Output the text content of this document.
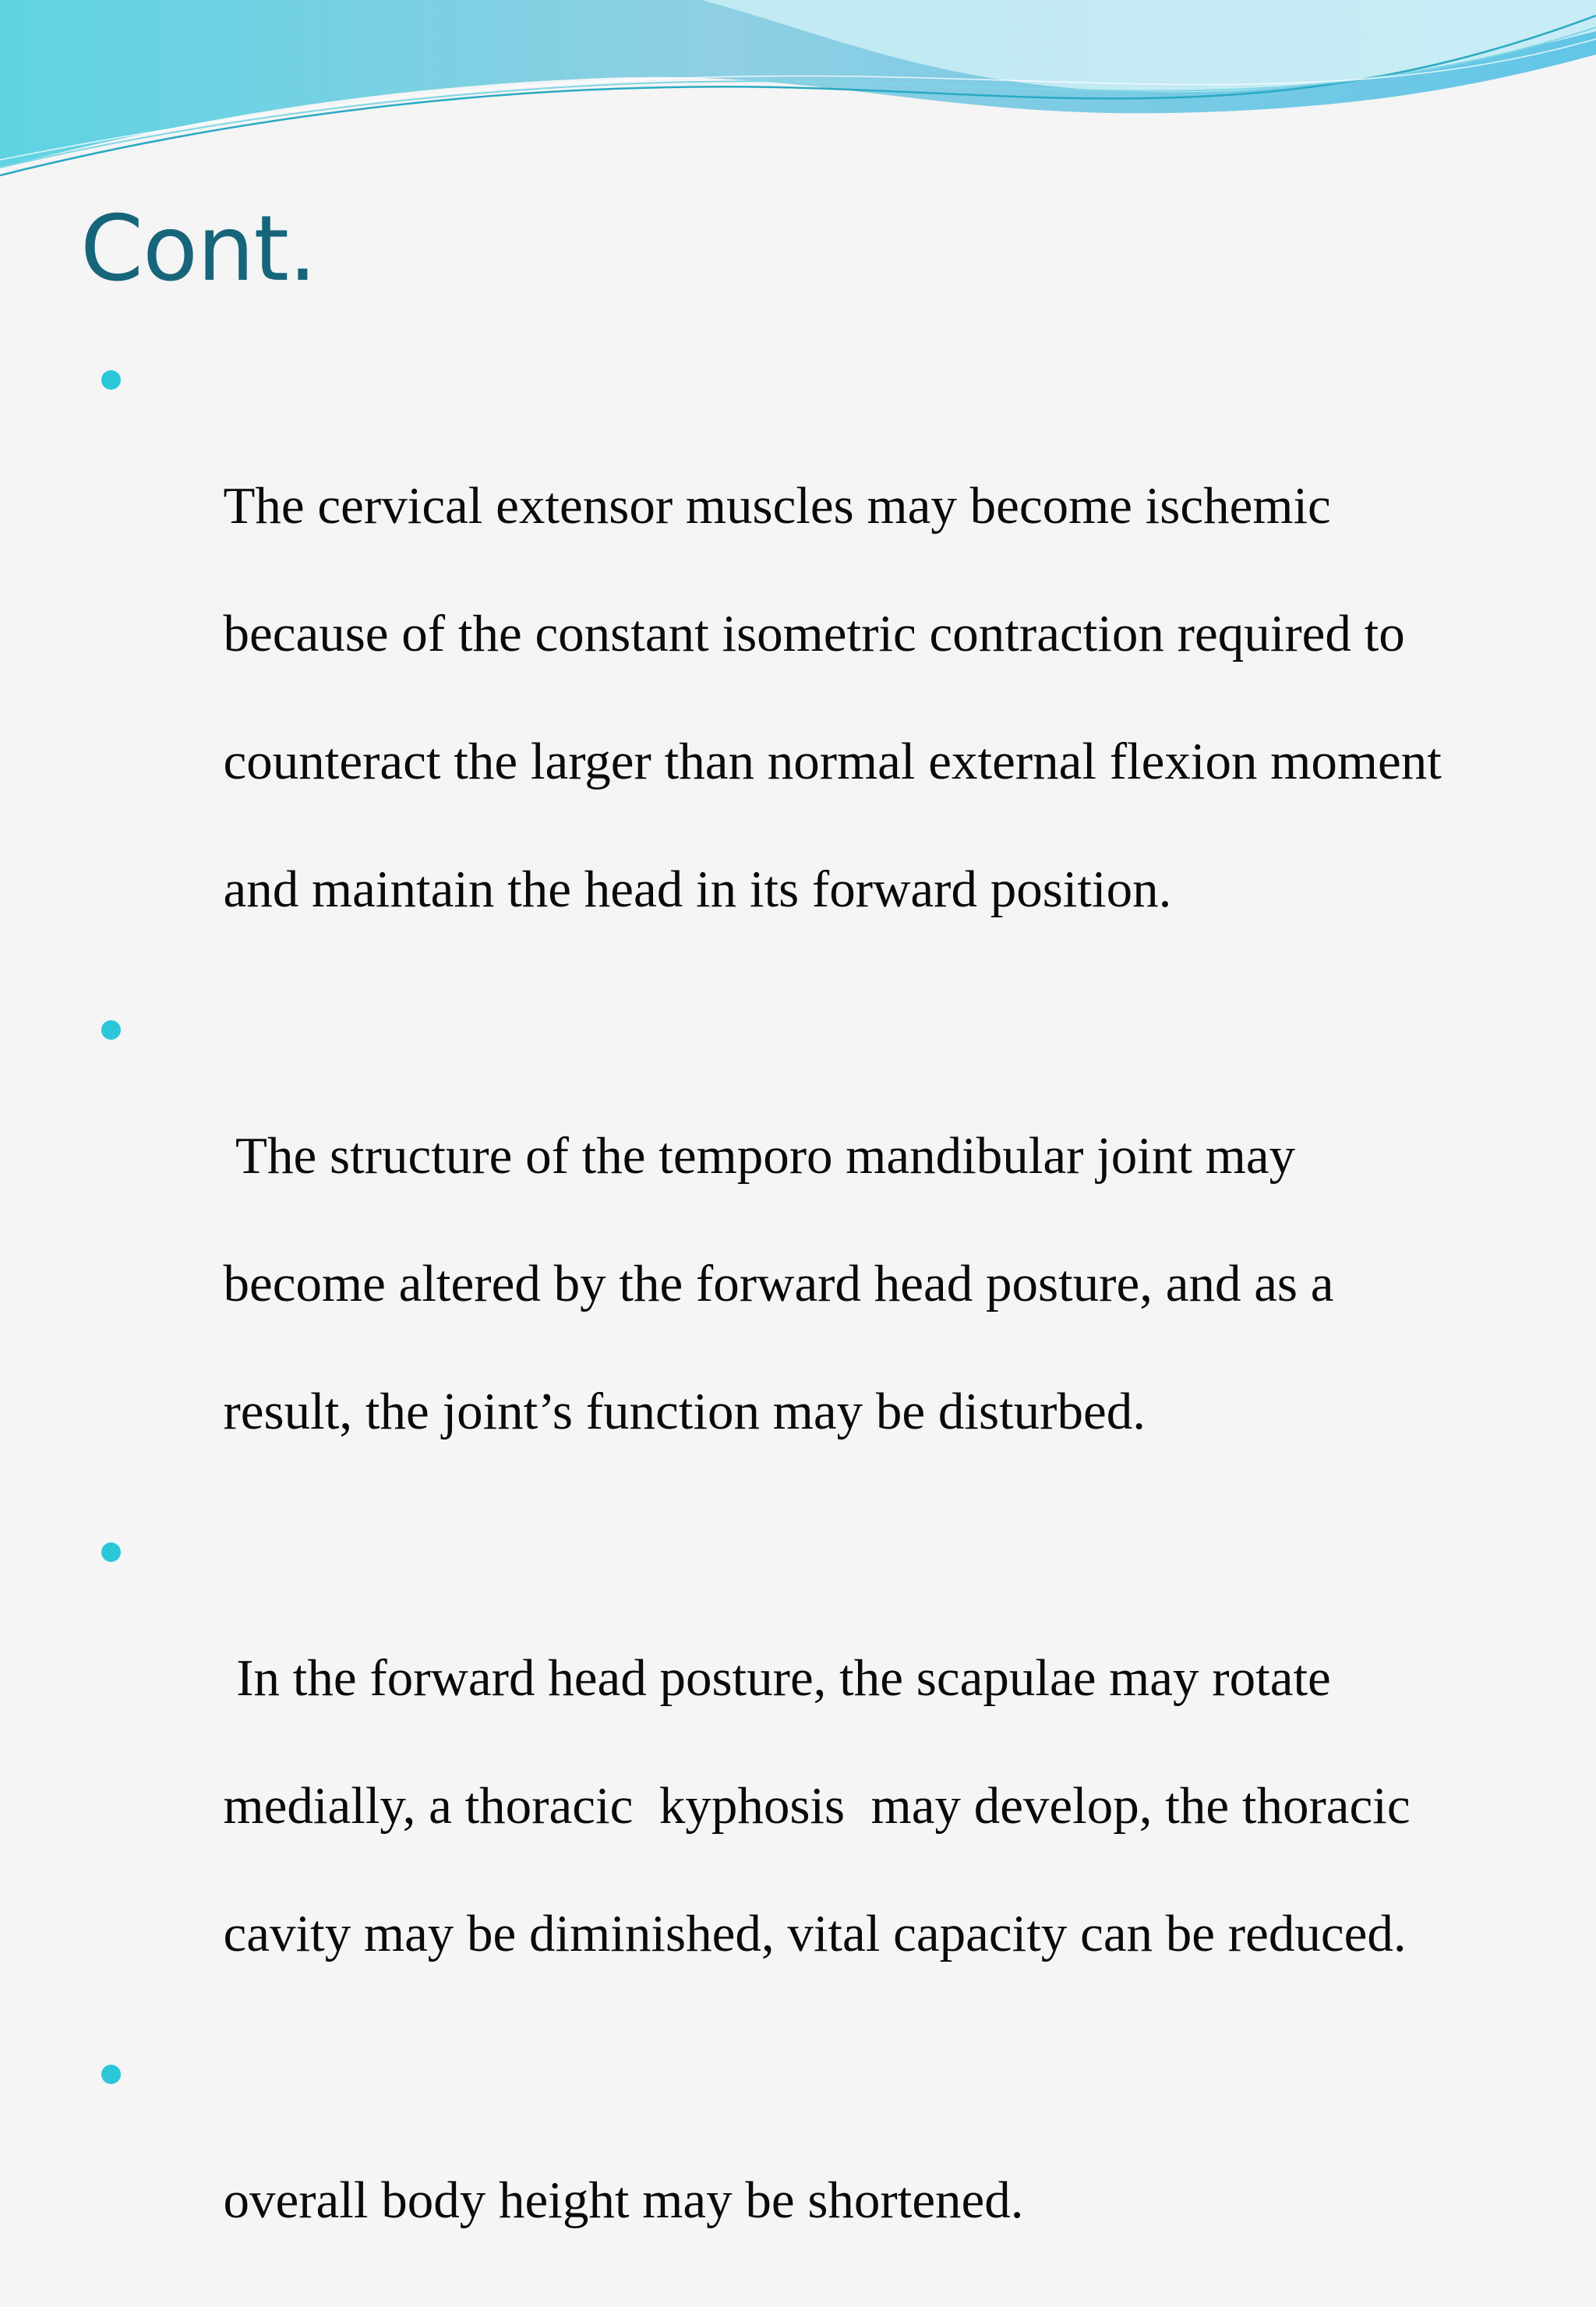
Cont.

The cervical extensor muscles may become ischemic

because of the constant isometric contraction required to

counteract the larger than normal external flexion moment

and maintain the head in its forward position.

The structure of the temporo mandibular joint may

become altered by the forward head posture, and as a

result, the joint’s function may be disturbed.

In the forward head posture, the scapulae may rotate

medially, a thoracic  kyphosis  may develop, the thoracic

cavity may be diminished, vital capacity can be reduced.

overall body height may be shortened.
